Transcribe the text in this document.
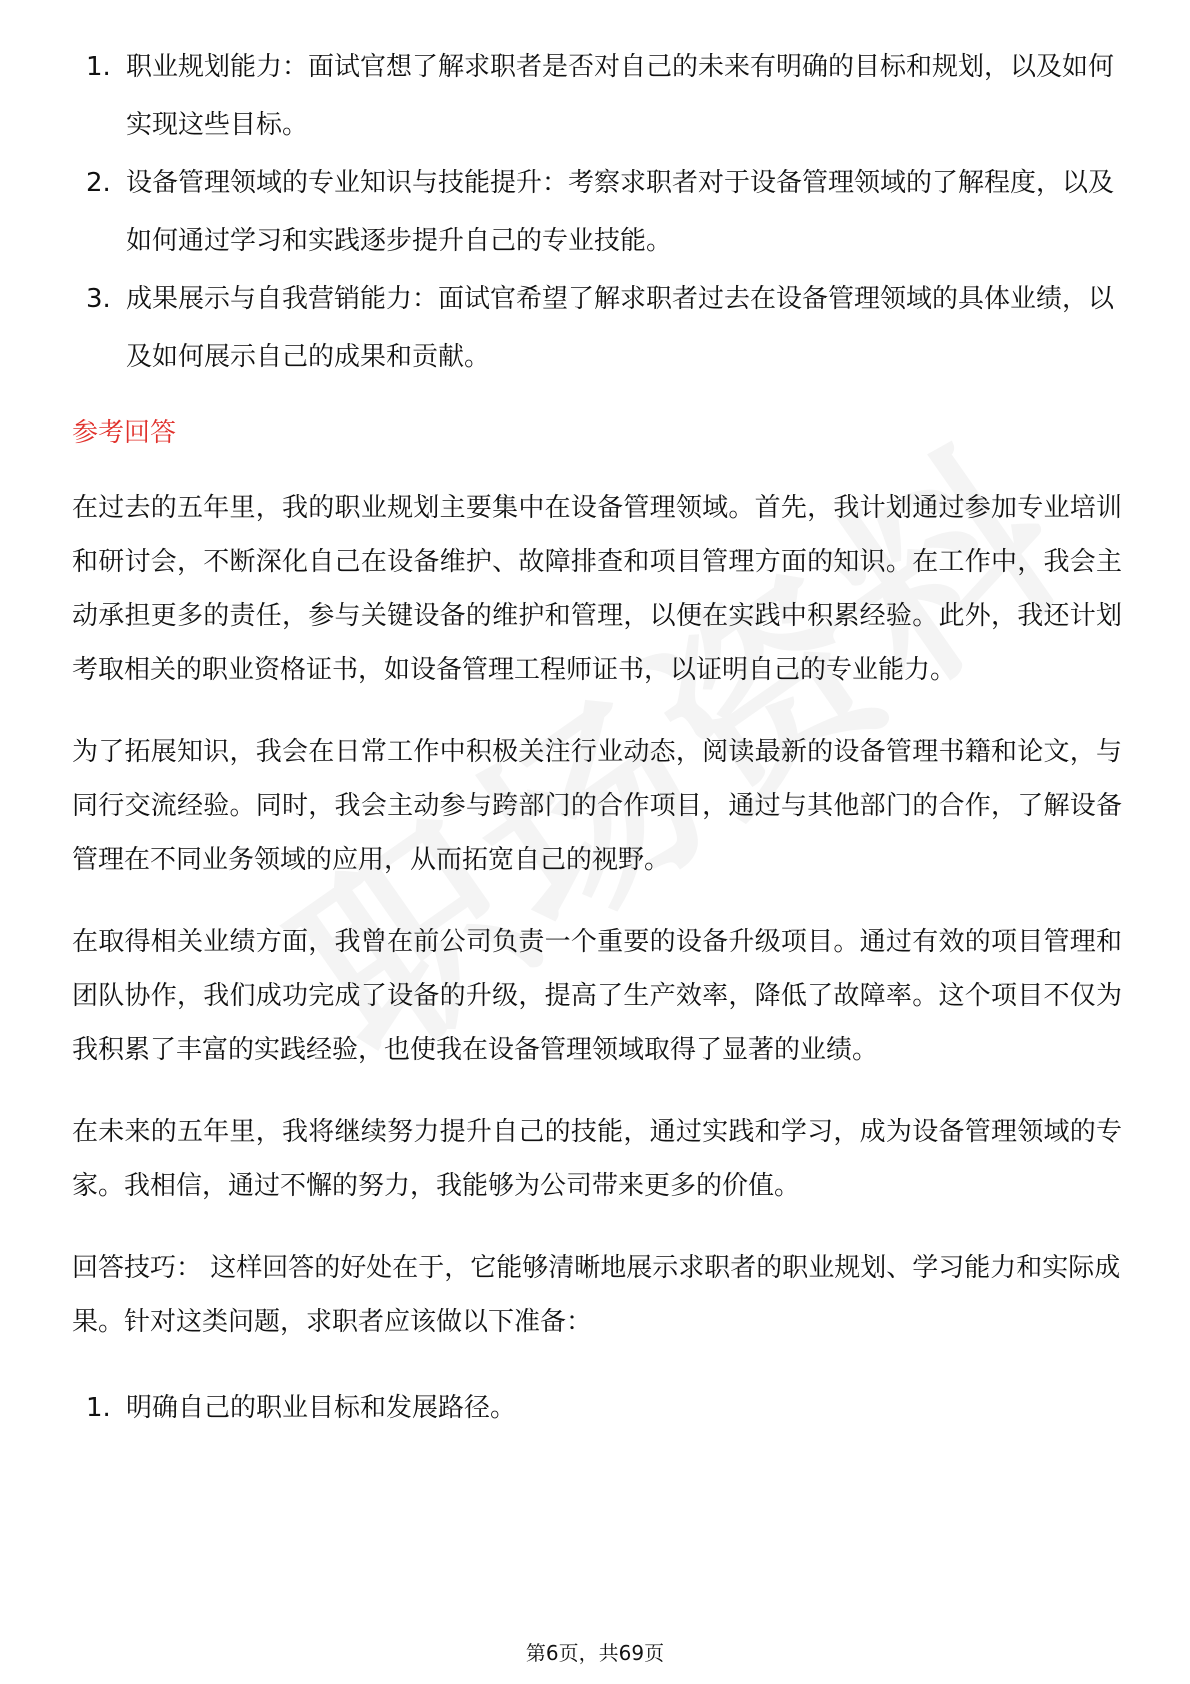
1. 职业规划能力：面试官想了解求职者是否对自己的未来有明确的目标和规划，以及如何实现这些目标。
2. 设备管理领域的专业知识与技能提升：考察求职者对于设备管理领域的了解程度，以及如何通过学习和实践逐步提升自己的专业技能。
3. 成果展示与自我营销能力：面试官希望了解求职者过去在设备管理领域的具体业绩，以及如何展示自己的成果和贡献。
参考回答

在过去的五年里，我的职业规划主要集中在设备管理领域。首先，我计划通过参加专业培训和研讨会，不断深化自己在设备维护、故障排查和项目管理方面的知识。在工作中，我会主动承担更多的责任，参与关键设备的维护和管理，以便在实践中积累经验。此外，我还计划考取相关的职业资格证书，如设备管理工程师证书，以证明自己的专业能力。

为了拓展知识，我会在日常工作中积极关注行业动态，阅读最新的设备管理书籍和论文，与同行交流经验。同时，我会主动参与跨部门的合作项目，通过与其他部门的合作，了解设备管理在不同业务领域的应用，从而拓宽自己的视野。

在取得相关业绩方面，我曾在前公司负责一个重要的设备升级项目。通过有效的项目管理和团队协作，我们成功完成了设备的升级，提高了生产效率，降低了故障率。这个项目不仅为我积累了丰富的实践经验，也使我在设备管理领域取得了显著的业绩。

在未来的五年里，我将继续努力提升自己的技能，通过实践和学习，成为设备管理领域的专家。我相信，通过不懈的努力，我能够为公司带来更多的价值。

回答技巧： 这样回答的好处在于，它能够清晰地展示求职者的职业规划、学习能力和实际成果。针对这类问题，求职者应该做以下准备：

1. 明确自己的职业目标和发展路径。
第6页，共69页
